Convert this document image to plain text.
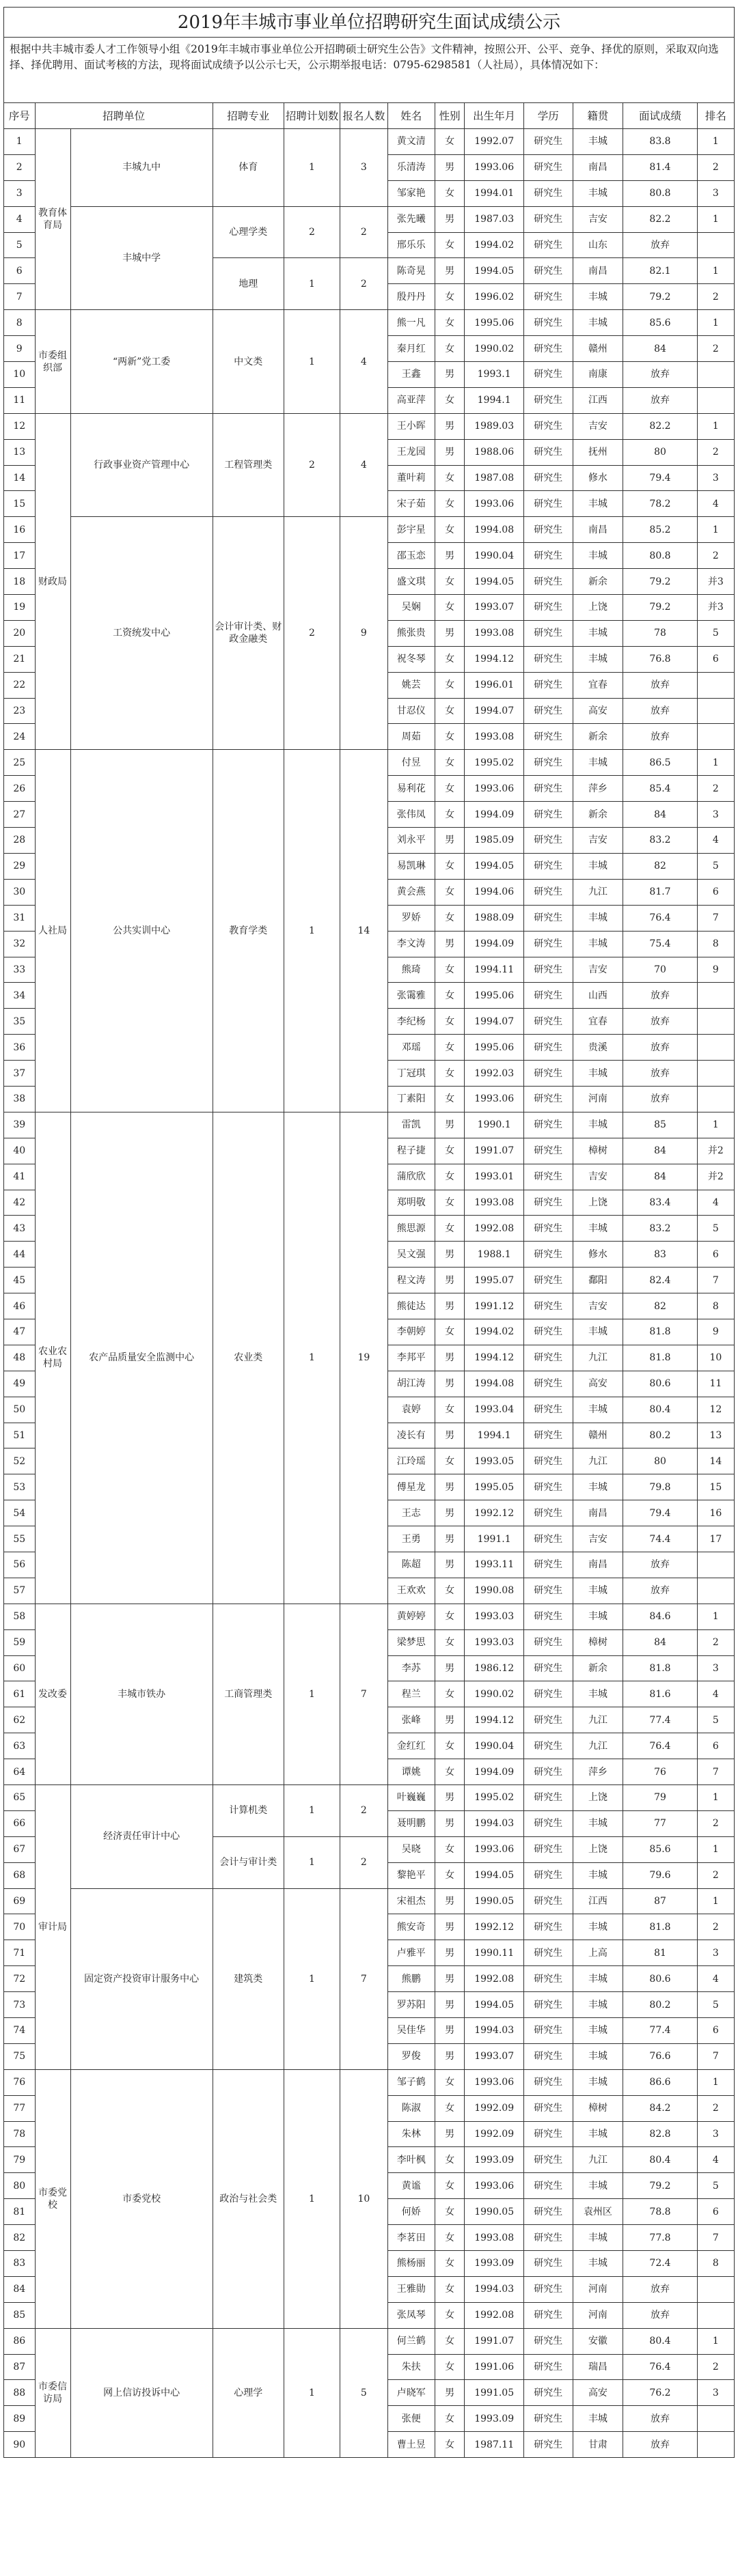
2019年丰城市事业单位招聘研究生面试成绩公示
根据中共丰城市委人才工作领导小组《2019年丰城市事业单位公开招聘硕士研究生公告》文件精神，按照公开、公平、竞争、择优的原则，采取双向选择、择优聘用、面试考核的方法，现将面试成绩予以公示七天，公示期举报电话：0795-6298581（人社局），具体情况如下：
序号	招聘单位		招聘专业	招聘计划数	报名人数	姓名	性别	出生年月	学历	籍贯	面试成绩	排名
1	教育体育局	丰城九中	体育	1	3	黄文清	女	1992.07	研究生	丰城	83.8	1
2						乐清涛	男	1993.06	研究生	南昌	81.4	2
3						邹家艳	女	1994.01	研究生	丰城	80.8	3
4		丰城中学	心理学类	2	2	张先曦	男	1987.03	研究生	吉安	82.2	1
5						邢乐乐	女	1994.02	研究生	山东	放弃	
6			地理	1	2	陈奇晃	男	1994.05	研究生	南昌	82.1	1
7						殷丹丹	女	1996.02	研究生	丰城	79.2	2
8	市委组织部	“两新”党工委	中文类	1	4	熊一凡	女	1995.06	研究生	丰城	85.6	1
9						秦月红	女	1990.02	研究生	赣州	84	2
10						王鑫	男	1993.1	研究生	南康	放弃	
11						高亚萍	女	1994.1	研究生	江西	放弃	
12	财政局	行政事业资产管理中心	工程管理类	2	4	王小晖	男	1989.03	研究生	吉安	82.2	1
13						王龙园	男	1988.06	研究生	抚州	80	2
14						董叶莉	女	1987.08	研究生	修水	79.4	3
15						宋子茹	女	1993.06	研究生	丰城	78.2	4
16		工资统发中心	会计审计类、财政金融类	2	9	彭宇星	女	1994.08	研究生	南昌	85.2	1
17						邵玉恋	男	1990.04	研究生	丰城	80.8	2
18						盛文琪	女	1994.05	研究生	新余	79.2	并3
19						吴娴	女	1993.07	研究生	上饶	79.2	并3
20						熊张贵	男	1993.08	研究生	丰城	78	5
21						祝冬琴	女	1994.12	研究生	丰城	76.8	6
22						姚芸	女	1996.01	研究生	宜春	放弃	
23						甘忍仪	女	1994.07	研究生	高安	放弃	
24						周茹	女	1993.08	研究生	新余	放弃	
25	人社局	公共实训中心	教育学类	1	14	付昱	女	1995.02	研究生	丰城	86.5	1
26						易利花	女	1993.06	研究生	萍乡	85.4	2
27						张伟凤	女	1994.09	研究生	新余	84	3
28						刘永平	男	1985.09	研究生	吉安	83.2	4
29						易凯琳	女	1994.05	研究生	丰城	82	5
30						黄会燕	女	1994.06	研究生	九江	81.7	6
31						罗娇	女	1988.09	研究生	丰城	76.4	7
32						李文涛	男	1994.09	研究生	丰城	75.4	8
33						熊琦	女	1994.11	研究生	吉安	70	9
34						张霭雅	女	1995.06	研究生	山西	放弃	
35						李纪杨	女	1994.07	研究生	宜春	放弃	
36						邓瑶	女	1995.06	研究生	贵溪	放弃	
37						丁冠琪	女	1992.03	研究生	丰城	放弃	
38						丁素阳	女	1993.06	研究生	河南	放弃	
39	农业农村局	农产品质量安全监测中心	农业类	1	19	雷凯	男	1990.1	研究生	丰城	85	1
40						程子捷	女	1991.07	研究生	樟树	84	并2
41						蒲欣欣	女	1993.01	研究生	吉安	84	并2
42						郑明敬	女	1993.08	研究生	上饶	83.4	4
43						熊思源	女	1992.08	研究生	丰城	83.2	5
44						吴文强	男	1988.1	研究生	修水	83	6
45						程文涛	男	1995.07	研究生	鄱阳	82.4	7
46						熊徒达	男	1991.12	研究生	吉安	82	8
47						李朝婷	女	1994.02	研究生	丰城	81.8	9
48						李邦平	男	1994.12	研究生	九江	81.8	10
49						胡江涛	男	1994.08	研究生	高安	80.6	11
50						袁婷	女	1993.04	研究生	丰城	80.4	12
51						凌长有	男	1994.1	研究生	赣州	80.2	13
52						江玲瑶	女	1993.05	研究生	九江	80	14
53						傅星龙	男	1995.05	研究生	丰城	79.8	15
54						王志	男	1992.12	研究生	南昌	79.4	16
55						王勇	男	1991.1	研究生	吉安	74.4	17
56						陈超	男	1993.11	研究生	南昌	放弃	
57						王欢欢	女	1990.08	研究生	丰城	放弃	
58	发改委	丰城市铁办	工商管理类	1	7	黄婷婷	女	1993.03	研究生	丰城	84.6	1
59						梁梦思	女	1993.03	研究生	樟树	84	2
60						李苏	男	1986.12	研究生	新余	81.8	3
61						程兰	女	1990.02	研究生	丰城	81.6	4
62						张峰	男	1994.12	研究生	九江	77.4	5
63						金红红	女	1990.04	研究生	九江	76.4	6
64						谭姚	女	1994.09	研究生	萍乡	76	7
65	审计局	经济责任审计中心	计算机类	1	2	叶巍巍	男	1995.02	研究生	上饶	79	1
66						聂明鹏	男	1994.03	研究生	丰城	77	2
67			会计与审计类	1	2	吴晓	女	1993.06	研究生	上饶	85.6	1
68						黎艳平	女	1994.05	研究生	丰城	79.6	2
69		固定资产投资审计服务中心	建筑类	1	7	宋祖杰	男	1990.05	研究生	江西	87	1
70						熊安奇	男	1992.12	研究生	丰城	81.8	2
71						卢雅平	男	1990.11	研究生	上高	81	3
72						熊鹏	男	1992.08	研究生	丰城	80.6	4
73						罗苏阳	男	1994.05	研究生	丰城	80.2	5
74						吴佳华	男	1994.03	研究生	丰城	77.4	6
75						罗俊	男	1993.07	研究生	丰城	76.6	7
76	市委党校	市委党校	政治与社会类	1	10	邹子鹤	女	1993.06	研究生	丰城	86.6	1
77						陈淑	女	1992.09	研究生	樟树	84.2	2
78						朱林	男	1992.09	研究生	丰城	82.8	3
79						李叶枫	女	1993.09	研究生	九江	80.4	4
80						黄谧	女	1993.06	研究生	丰城	79.2	5
81						何娇	女	1990.05	研究生	袁州区	78.8	6
82						李茗田	女	1993.08	研究生	丰城	77.8	7
83						熊杨丽	女	1993.09	研究生	丰城	72.4	8
84						王雅勋	女	1994.03	研究生	河南	放弃	
85						张凤琴	女	1992.08	研究生	河南	放弃	
86	市委信访局	网上信访投诉中心	心理学	1	5	何兰鹤	女	1991.07	研究生	安徽	80.4	1
87						朱扶	女	1991.06	研究生	瑞昌	76.4	2
88						卢晓军	男	1991.05	研究生	高安	76.2	3
89						张便	女	1993.09	研究生	丰城	放弃	
90						曹土昱	女	1987.11	研究生	甘肃	放弃	
